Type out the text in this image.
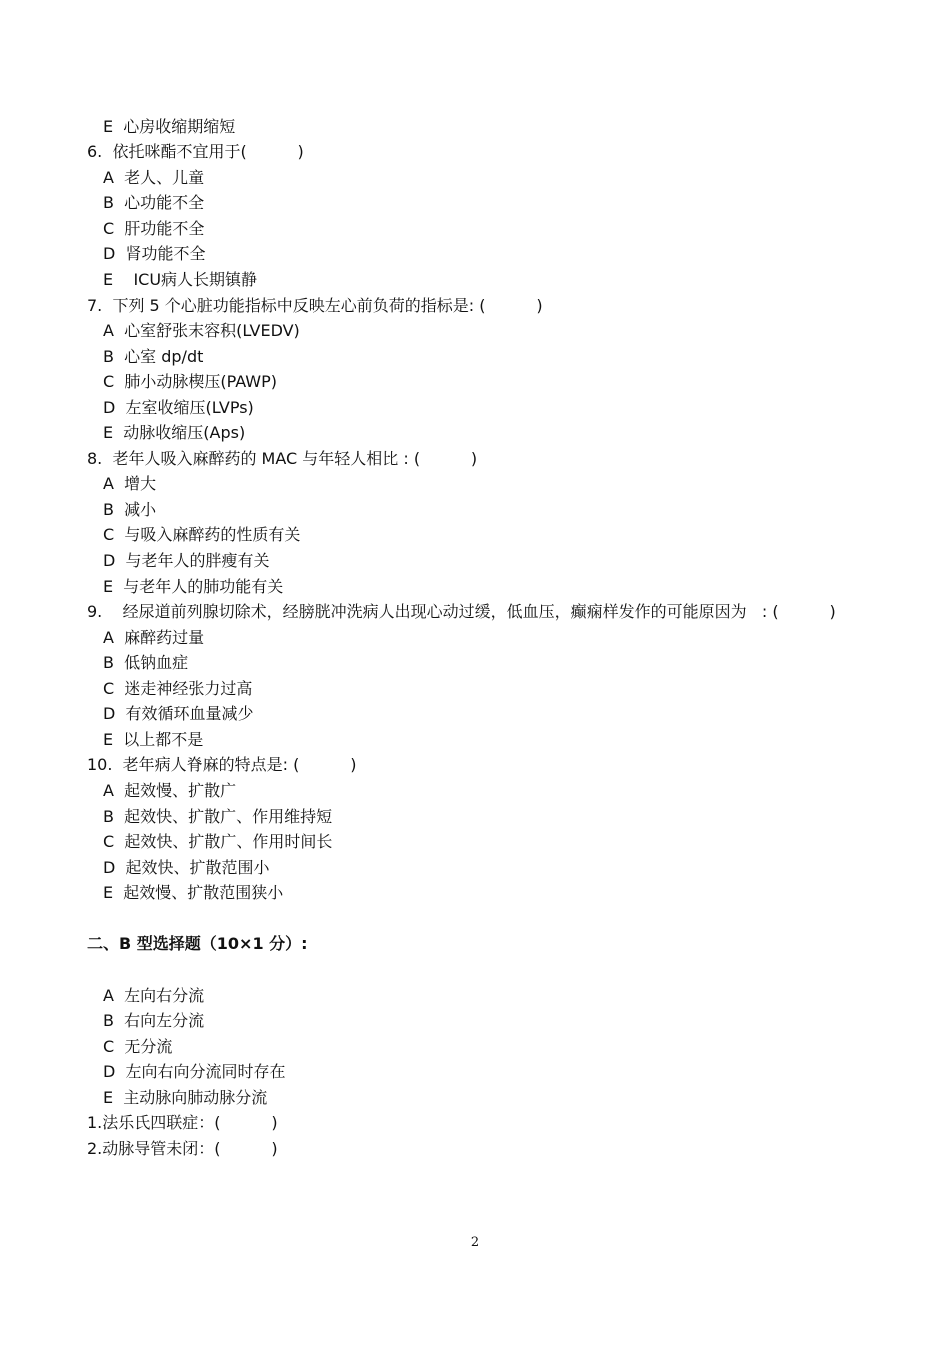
E  心房收缩期缩短
6.  依托咪酯不宜用于(          )
A  老人、儿童
B  心功能不全
C  肝功能不全
D  肾功能不全
E    ICU病人长期镇静
7.  下列 5 个心脏功能指标中反映左心前负荷的指标是: (          )
A  心室舒张末容积(LVEDV)
B  心室 dp/dt
C  肺小动脉楔压(PAWP)
D  左室收缩压(LVPs)
E  动脉收缩压(Aps)
8.  老年人吸入麻醉药的 MAC 与年轻人相比 : (          )
A  增大
B  减小
C  与吸入麻醉药的性质有关
D  与老年人的胖瘦有关
E  与老年人的肺功能有关
9.    经尿道前列腺切除术，经膀胱冲洗病人出现心动过缓，低血压，癫痫样发作的可能原因为   : (          )
A  麻醉药过量
B  低钠血症
C  迷走神经张力过高
D  有效循环血量减少
E  以上都不是
10.  老年病人脊麻的特点是: (          )
A  起效慢、扩散广
B  起效快、扩散广、作用维持短
C  起效快、扩散广、作用时间长
D  起效快、扩散范围小
E  起效慢、扩散范围狭小
二、B 型选择题（10×1 分）:
A  左向右分流
B  右向左分流
C  无分流
D  左向右向分流同时存在
E  主动脉向肺动脉分流
1.法乐氏四联症：(          )
2.动脉导管未闭：(          )
2
